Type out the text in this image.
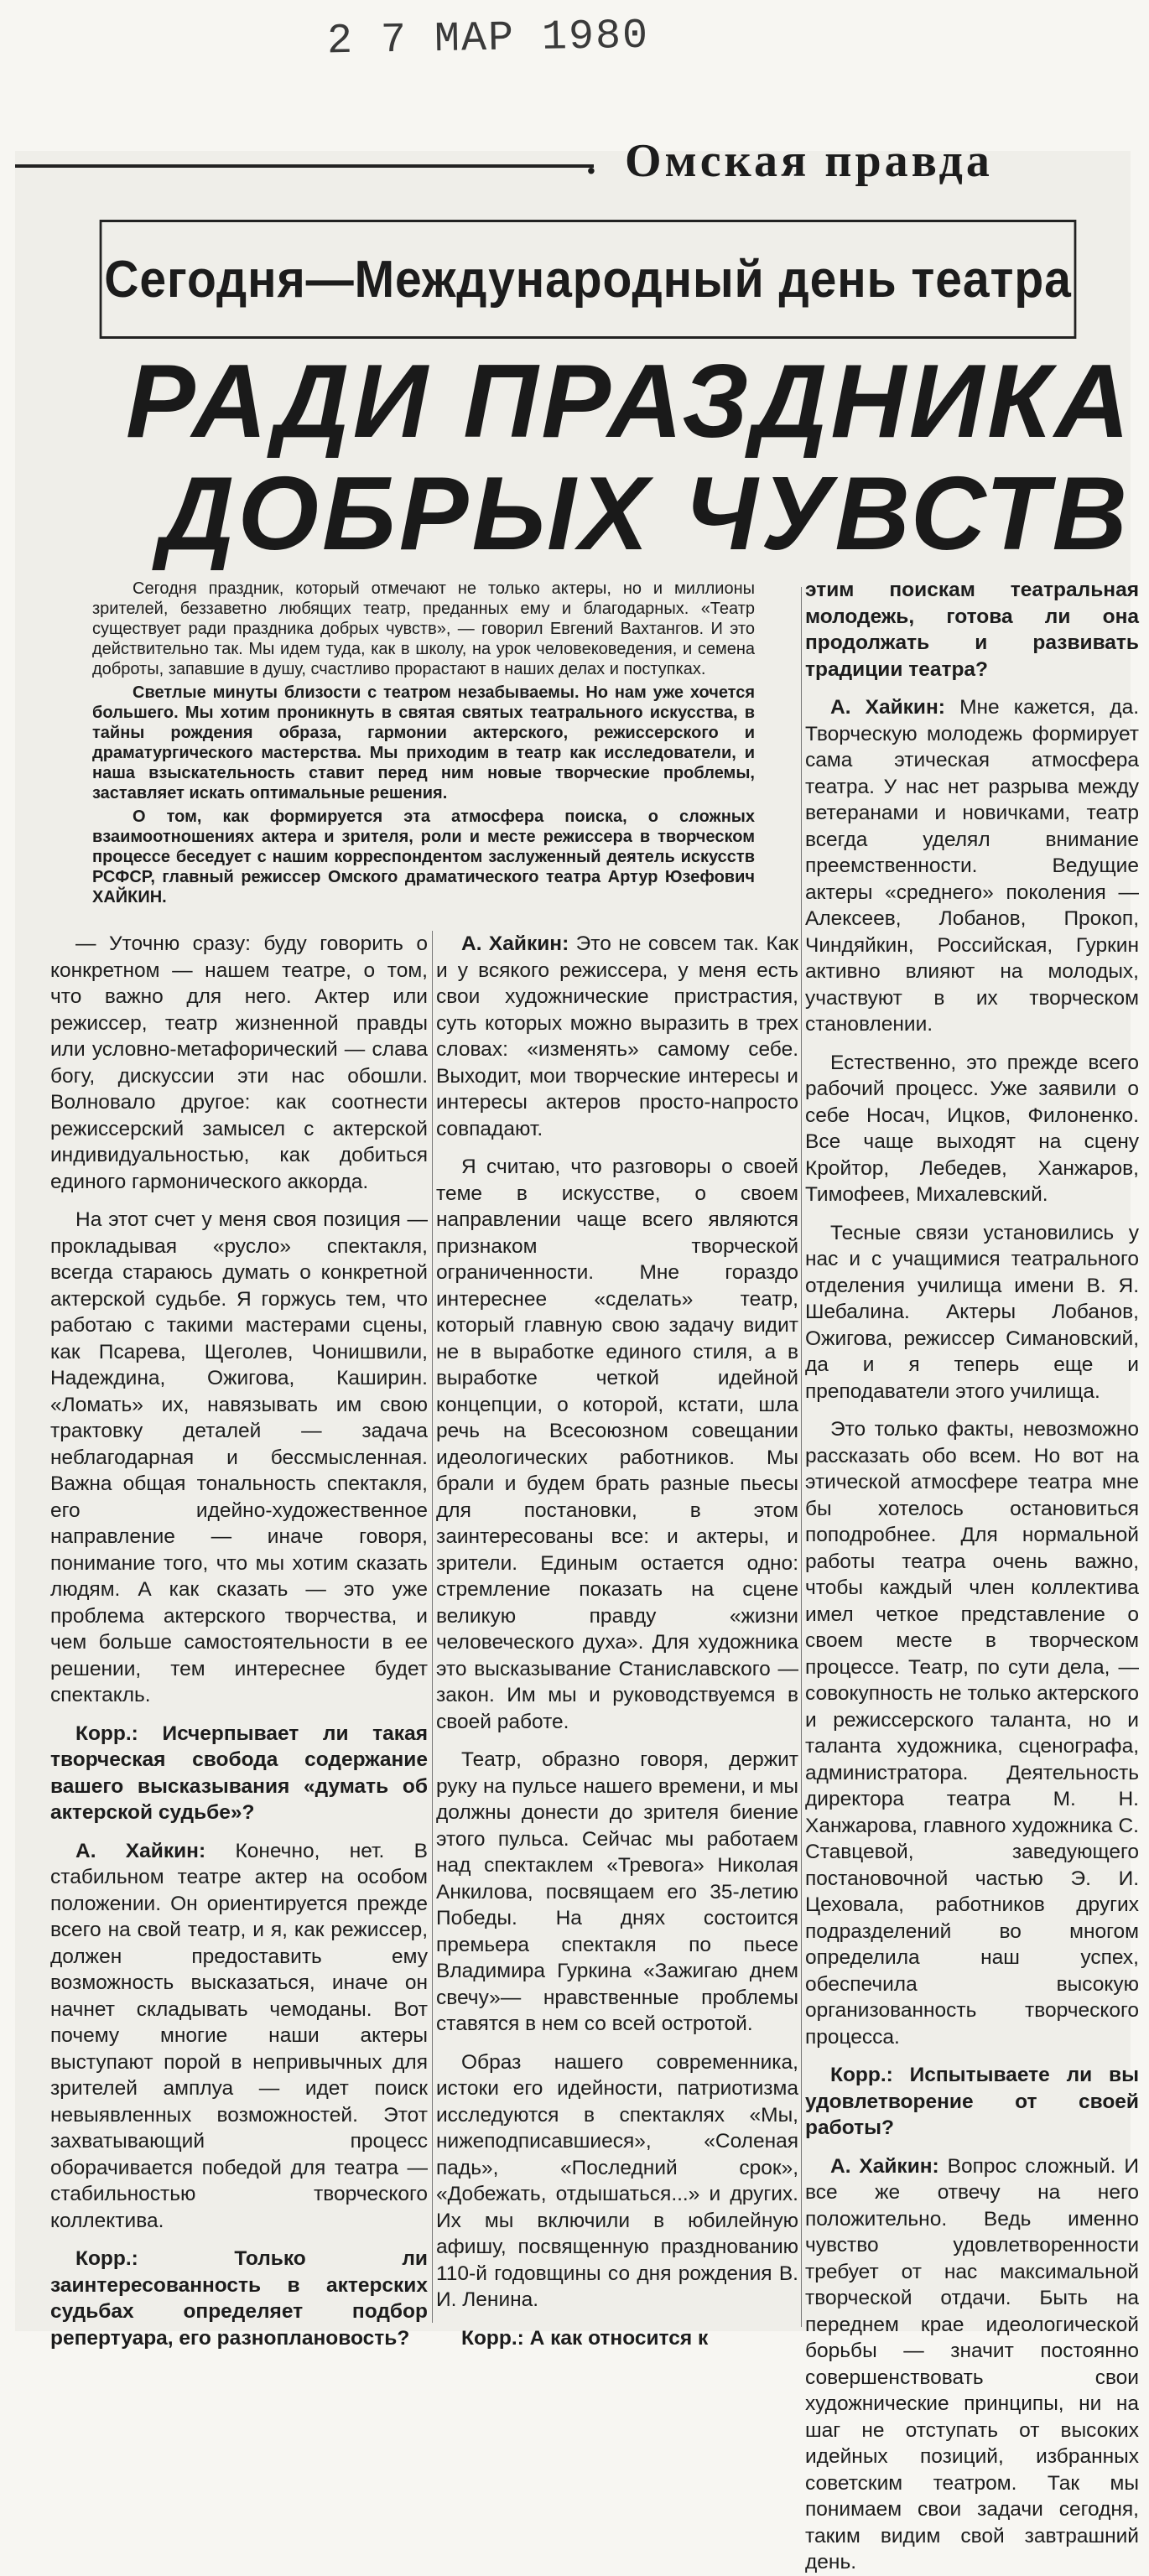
2 7 МАР 1980
• Омская правда
Сегодня—Международный день театра
РАДИ ПРАЗДНИКА
ДОБРЫХ ЧУВСТВ

Сегодня праздник, который отмечают не только актеры, но и миллионы зрителей, беззаветно любящих театр, преданных ему и благодарных. «Театр существует ради праздника добрых чувств», — говорил Евгений Вахтангов. И это действительно так. Мы идем туда, как в школу, на урок человековедения, и семена доброты, запавшие в душу, счастливо прорастают в наших делах и поступках.

Светлые минуты близости с театром незабываемы. Но нам уже хочется большего. Мы хотим проникнуть в святая святых театрального искусства, в тайны рождения образа, гармонии актерского, режиссерского и драматургического мастерства. Мы приходим в театр как исследователи, и наша взыскательность ставит перед ним новые творческие проблемы, заставляет искать оптимальные решения.

О том, как формируется эта атмосфера поиска, о сложных взаимоотношениях актера и зрителя, роли и месте режиссера в творческом процессе беседует с нашим корреспондентом заслуженный деятель искусств РСФСР, главный режиссер Омского драматического театра Артур Юзефович ХАЙКИН.

— Уточню сразу: буду говорить о конкретном — нашем театре, о том, что важно для него. Актер или режиссер, театр жизненной правды или условно-метафорический — слава богу, дискуссии эти нас обошли. Волновало другое: как соотнести режиссерский замысел с актерской индивидуальностью, как добиться единого гармонического аккорда.

На этот счет у меня своя позиция — прокладывая «русло» спектакля, всегда стараюсь думать о конкретной актерской судьбе. Я горжусь тем, что работаю с такими мастерами сцены, как Псарева, Щеголев, Чонишвили, Надеждина, Ожигова, Каширин. «Ломать» их, навязывать им свою трактовку деталей — задача неблагодарная и бессмысленная. Важна общая тональность спектакля, его идейно-художественное направление — иначе говоря, понимание того, что мы хотим сказать людям. А как сказать — это уже проблема актерского творчества, и чем больше самостоятельности в ее решении, тем интереснее будет спектакль.

Корр.: Исчерпывает ли такая творческая свобода содержание вашего высказывания «думать об актерской судьбе»?

А. Хайкин: Конечно, нет. В стабильном театре актер на особом положении. Он ориентируется прежде всего на свой театр, и я, как режиссер, должен предоставить ему возможность высказаться, иначе он начнет складывать чемоданы. Вот почему многие наши актеры выступают порой в непривычных для зрителей амплуа — идет поиск невыявленных возможностей. Этот захватывающий процесс оборачивается победой для театра — стабильностью творческого коллектива.

Корр.: Только ли заинтересованность в актерских судьбах определяет подбор репертуара, его разноплановость?

А. Хайкин: Это не совсем так. Как и у всякого режиссера, у меня есть свои художнические пристрастия, суть которых можно выразить в трех словах: «изменять» самому себе. Выходит, мои творческие интересы и интересы актеров просто-напросто совпадают.

Я считаю, что разговоры о своей теме в искусстве, о своем направлении чаще всего являются признаком творческой ограниченности. Мне гораздо интереснее «сделать» театр, который главную свою задачу видит не в выработке единого стиля, а в выработке четкой идейной концепции, о которой, кстати, шла речь на Всесоюзном совещании идеологических работников. Мы брали и будем брать разные пьесы для постановки, в этом заинтересованы все: и актеры, и зрители. Единым остается одно: стремление показать на сцене великую правду «жизни человеческого духа». Для художника это высказывание Станиславского — закон. Им мы и руководствуемся в своей работе.

Театр, образно говоря, держит руку на пульсе нашего времени, и мы должны донести до зрителя биение этого пульса. Сейчас мы работаем над спектаклем «Тревога» Николая Анкилова, посвящаем его 35-летию Победы. На днях состоится премьера спектакля по пьесе Владимира Гуркина «Зажигаю днем свечу»— нравственные проблемы ставятся в нем со всей остротой.

Образ нашего современника, истоки его идейности, патриотизма исследуются в спектаклях «Мы, нижеподписавшиеся», «Соленая падь», «Последний срок», «Добежать, отдышаться...» и других. Их мы включили в юбилейную афишу, посвященную празднованию 110-й годовщины со дня рождения В. И. Ленина.

Корр.: А как относится к

этим поискам театральная молодежь, готова ли она продолжать и развивать традиции театра?

А. Хайкин: Мне кажется, да. Творческую молодежь формирует сама этическая атмосфера театра. У нас нет разрыва между ветеранами и новичками, театр всегда уделял внимание преемственности. Ведущие актеры «среднего» поколения — Алексеев, Лобанов, Прокоп, Чиндяйкин, Российская, Гуркин активно влияют на молодых, участвуют в их творческом становлении.

Естественно, это прежде всего рабочий процесс. Уже заявили о себе Носач, Ицков, Филоненко. Все чаще выходят на сцену Кройтор, Лебедев, Ханжаров, Тимофеев, Михалевский.

Тесные связи установились у нас и с учащимися театрального отделения училища имени В. Я. Шебалина. Актеры Лобанов, Ожигова, режиссер Симановский, да и я теперь еще и преподаватели этого училища.

Это только факты, невозможно рассказать обо всем. Но вот на этической атмосфере театра мне бы хотелось остановиться поподробнее. Для нормальной работы театра очень важно, чтобы каждый член коллектива имел четкое представление о своем месте в творческом процессе. Театр, по сути дела, — совокупность не только актерского и режиссерского таланта, но и таланта художника, сценографа, администратора. Деятельность директора театра М. Н. Ханжарова, главного художника С. Ставцевой, заведующего постановочной частью Э. И. Цеховала, работников других подразделений во многом определила наш успех, обеспечила высокую организованность творческого процесса.

Корр.: Испытываете ли вы удовлетворение от своей работы?

А. Хайкин: Вопрос сложный. И все же отвечу на него положительно. Ведь именно чувство удовлетворенности требует от нас максимальной творческой отдачи. Быть на переднем крае идеологической борьбы — значит постоянно совершенствовать свои художнические принципы, ни на шаг не отступать от высоких идейных позиций, избранных советским театром. Так мы понимаем свои задачи сегодня, таким видим свой завтрашний день.
